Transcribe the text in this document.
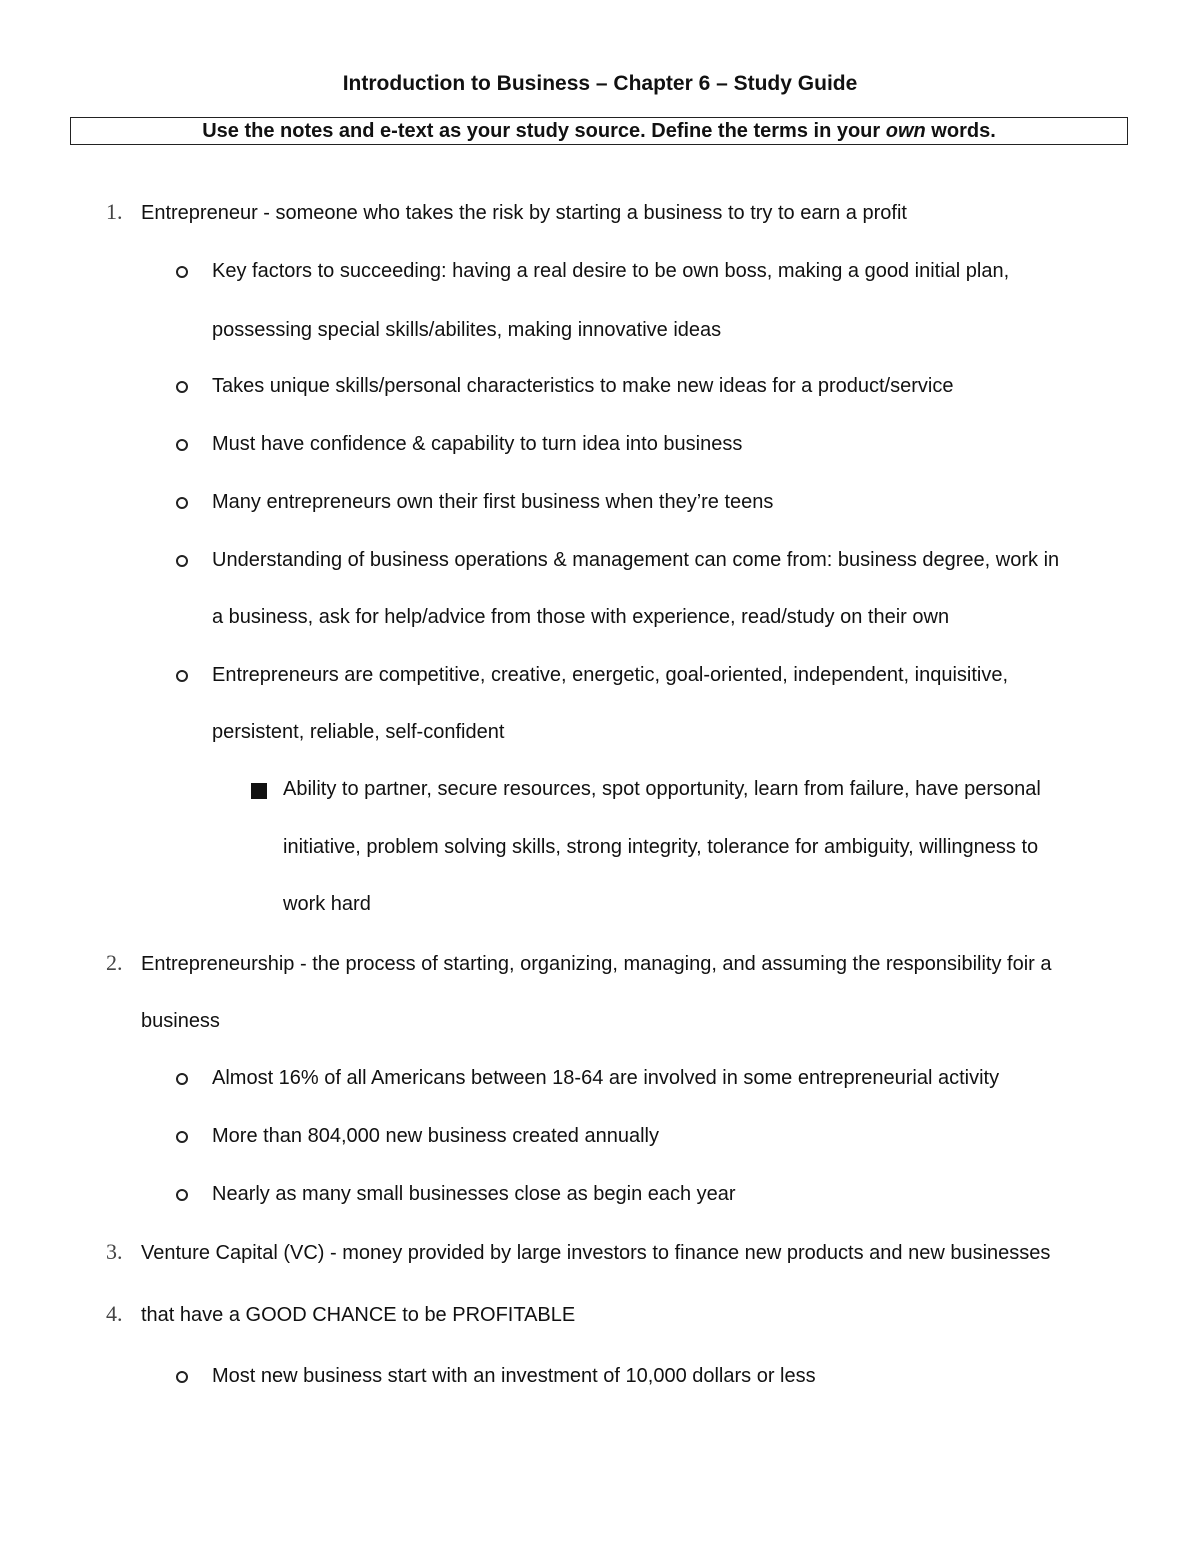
Introduction to Business – Chapter 6 – Study Guide
Use the notes and e-text as your study source. Define the terms in your own words.
1. Entrepreneur - someone who takes the risk by starting a business to try to earn a profit
Key factors to succeeding: having a real desire to be own boss, making a good initial plan,
possessing special skills/abilites, making innovative ideas
Takes unique skills/personal characteristics to make new ideas for a product/service
Must have confidence & capability to turn idea into business
Many entrepreneurs own their first business when they’re teens
Understanding of business operations & management can come from: business degree, work in
a business, ask for help/advice from those with experience, read/study on their own
Entrepreneurs are competitive, creative, energetic, goal-oriented, independent, inquisitive,
persistent, reliable, self-confident
Ability to partner, secure resources, spot opportunity, learn from failure, have personal
initiative, problem solving skills, strong integrity, tolerance for ambiguity, willingness to
work hard
2. Entrepreneurship - the process of starting, organizing, managing, and assuming the responsibility foir a
business
Almost 16% of all Americans between 18-64 are involved in some entrepreneurial activity
More than 804,000 new business created annually
Nearly as many small businesses close as begin each year
3. Venture Capital (VC) - money provided by large investors to finance new products and new businesses
4. that have a GOOD CHANCE to be PROFITABLE
Most new business start with an investment of 10,000 dollars or less
